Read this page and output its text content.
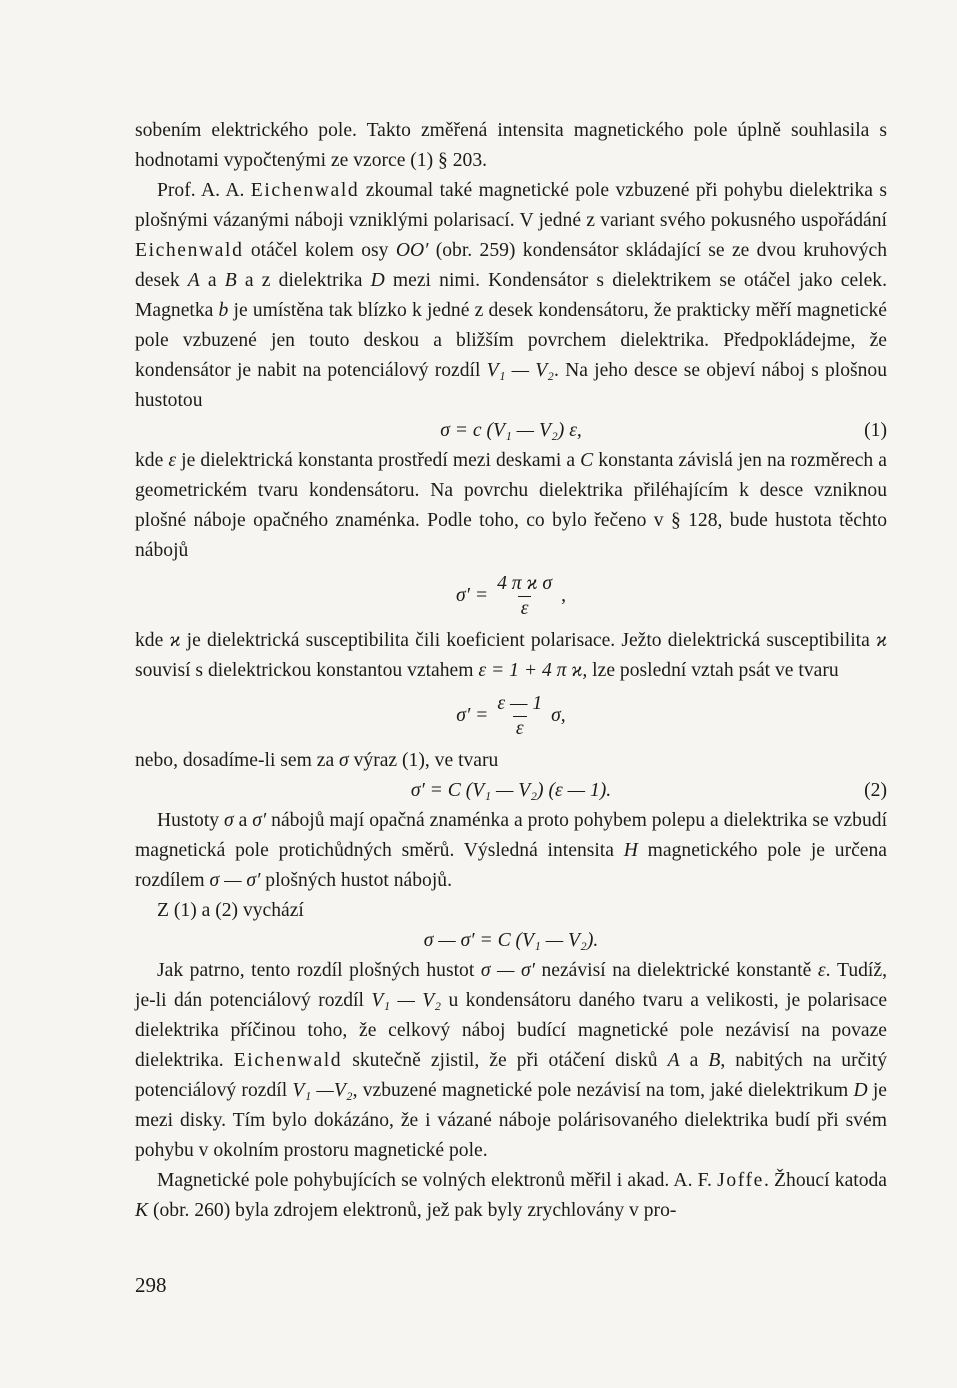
sobením elektrického pole. Takto změřená intensita magnetického pole úplně souhlasila s hodnotami vypočtenými ze vzorce (1) § 203.

Prof. A. A. Eichenwald zkoumal také magnetické pole vzbuzené při pohybu dielektrika s plošnými vázanými náboji vzniklými polarisací. V jedné z variant svého pokusného uspořádání Eichenwald otáčel kolem osy OO′ (obr. 259) kondensátor skládající se ze dvou kruhových desek A a B a z dielektrika D mezi nimi. Kondensátor s dielektrikem se otáčel jako celek. Magnetka b je umístěna tak blízko k jedné z desek kondensátoru, že prakticky měří magnetické pole vzbuzené jen touto deskou a bližším povrchem dielektrika. Předpokládejme, že kondensátor je nabit na potenciálový rozdíl V₁ — V₂. Na jeho desce se objeví náboj s plošnou hustotou

σ = c (V₁ — V₂) ε,	(1)

kde ε je dielektrická konstanta prostředí mezi deskami a C konstanta závislá jen na rozměrech a geometrickém tvaru kondensátoru. Na povrchu dielektrika přiléhajícím k desce vzniknou plošné náboje opačného znaménka. Podle toho, co bylo řečeno v § 128, bude hustota těchto nábojů

$\sigma' = \frac{\text{4 π ϰ σ}}{\varepsilon}$ ,

kde ϰ je dielektrická susceptibilita čili koeficient polarisace. Ježto dielektrická susceptibilita ϰ souvisí s dielektrickou konstantou vztahem ε = 1 + 4 π ϰ, lze poslední vztah psát ve tvaru

$\sigma' = \frac{\varepsilon — 1}{\varepsilon} \sigma$,

nebo, dosadíme-li sem za σ výraz (1), ve tvaru

σ′ = C (V₁ — V₂) (ε — 1).	(2)

Hustoty σ a σ′ nábojů mají opačná znaménka a proto pohybem polepu a dielektrika se vzbudí magnetická pole protichůdných směrů. Výsledná intensita H magnetického pole je určena rozdílem σ — σ′ plošných hustot nábojů.

Z (1) a (2) vychází

σ — σ′ = C (V₁ — V₂).

Jak patrno, tento rozdíl plošných hustot σ — σ′ nezávisí na dielektrické konstantě ε. Tudíž, je-li dán potenciálový rozdíl V₁ — V₂ u kondensátoru daného tvaru a velikosti, je polarisace dielektrika příčinou toho, že celkový náboj budící magnetické pole nezávisí na povaze dielektrika. Eichenwald skutečně zjistil, že při otáčení disků A a B, nabitých na určitý potenciálový rozdíl V₁ —V₂, vzbuzené magnetické pole nezávisí na tom, jaké dielektrikum D je mezi disky. Tím bylo dokázáno, že i vázané náboje polárisovaného dielektrika budí při svém pohybu v okolním prostoru magnetické pole.

Magnetické pole pohybujících se volných elektronů měřil i akad. A. F. Joffe. Žhoucí katoda K (obr. 260) byla zdrojem elektronů, jež pak byly zrychlovány v pro-

298
